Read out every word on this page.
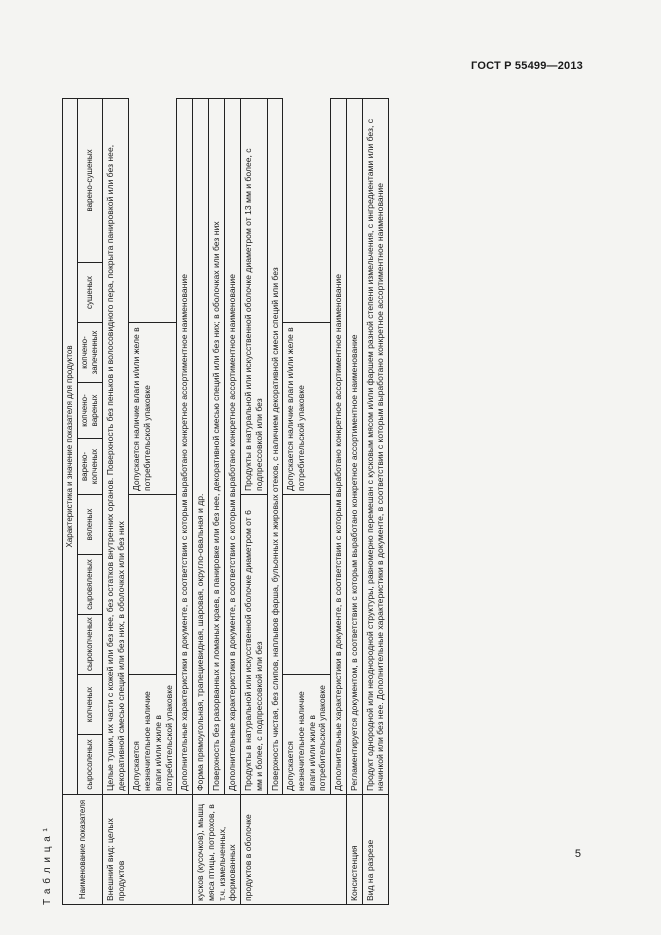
ГОСТ Р 55499—2013
5
Т а б л и ц а ¹	Наименование показателя	Характеристика и значение показателя для продуктов									
	сыросоленых	копченых	сырокопченых	сыровяленых	вяленых	варено-копченых	копчено-вареных	копчено-запеченных	сушеных	варено-сушеных
Внешний вид: целых продуктов	Целые тушки, их части с кожей или без нее, без остатков внутренних органов. Поверхность без пеньков и волосовидного пера, покрыта панировкой или без нее, декоративной смесью специй или без них, в оболочках или без них									
	Допускается незначительное наличие влаги и/или жиле в потребительской упаковке					Допускается наличие влаги и/или желе в потребительской упаковке				
	Дополнительные характеристики в документе, в соответствии с которым выработано конкретное ассортиментное наименование									
кусков (кусочков), мышц мяса птицы, потрохов, в т.ч. измельченных, формованных	Форма прямоугольная, трапециевидная, шаровая, округло-овальная и др.									
	Поверхность без разорванных и ломаных краев, в панировке или без нее, декоративной смесью специй или без них; в оболочках или без них									
	Дополнительные характеристики в документе, в соответствии с которым выработано конкретное ассортиментное наименование									
продуктов в оболочке	Продукты в натуральной или искусственной оболочке диаметром от 6 мм и более, с подпрессовкой или без					Продукты в натуральной или искусственной оболочке диаметром от 13 мм и более, с подпрессовкой или без				
	Поверхность чистая, без слипов, наплывов фарша, бульонных и жировых отеков, с наличием декоративной смеси специй или без									
	Допускается незначительное наличие влаги и/или жиле в потребительской упаковке					Допускается наличие влаги и/или желе в потребительской упаковке				
	Дополнительные характеристики в документе, в соответствии с которым выработано конкретное ассортиментное наименование									
Консистенция	Регламентируется документом, в соответствии с которым выработано конкретное ассортиментное наименование									
Вид на разрезе	Продукт однородной или неоднородной структуры, равномерно перемешан с кусковым мясом и/или фаршем разной степени измельчения, с ингредиентами или без, с начинкой или без нее. Дополнительные характеристики в документе, в соответствии с которым выработано конкретное ассортиментное наименование									
